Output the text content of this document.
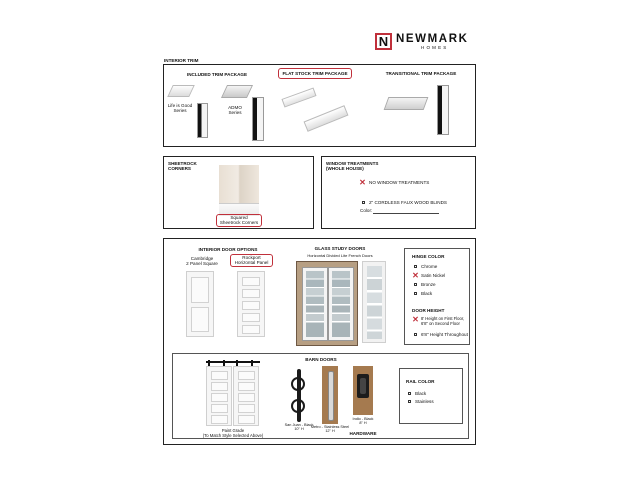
N NEWMARK
HOMES
INTERIOR TRIM
INCLUDED TRIM PACKAGE
Life is Good
Series
ADMO
Series
FLAT STOCK TRIM PACKAGE	TRANSITIONAL TRIM PACKAGE
SHEETROCK
CORNERS
Squared
Sheetrock Corners
WINDOW TREATMENTS
(WHOLE HOUSE)
✕ NO WINDOW TREATMENTS
2" CORDLESS FAUX WOOD BLINDS
Color:
INTERIOR DOOR OPTIONS
Cambridge
2 Panel Square
Rockport
Horizontal Panel
GLASS STUDY DOORS
Horizontal Divided Lite French Doors	HINGE COLOR
Chrome
✕ Satin Nickel
Bronze
Black
DOOR HEIGHT
✕ 8' Height on First Floor,
6'8" on Second Floor
6'8" Height Throughout
BARN DOORS
Paint Grade
(To Match Style Selected Above)
San Juan - Black
10" H
Metro - Stainless Steel
12" H
Indio - Black
8" H
HARDWARE
RAIL COLOR
Black
Stainless
